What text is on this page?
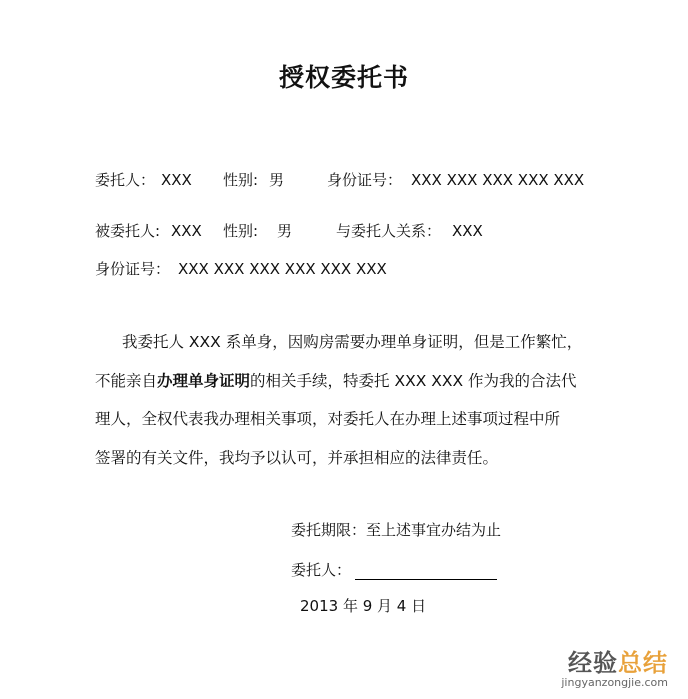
授权委托书
委托人： XXX 性别: 男	身份证号： XXX XXX XXX XXX XXX
被委托人: XXX 性别: 男	与委托人关系： XXX
身份证号： XXX XXX XXX XXX XXX XXX

我委托人 XXX 系单身，因购房需要办理单身证明，但是工作繁忙，

不能亲自办理单身证明的相关手续，特委托 XXX XXX 作为我的合法代

理人，全权代表我办理相关事项，对委托人在办理上述事项过程中所

签署的有关文件，我均予以认可，并承担相应的法律责任。

委托期限：至上述事宜办结为止
委托人：
2013 年 9 月 4 日
经验总结
jingyanzongjie.com
